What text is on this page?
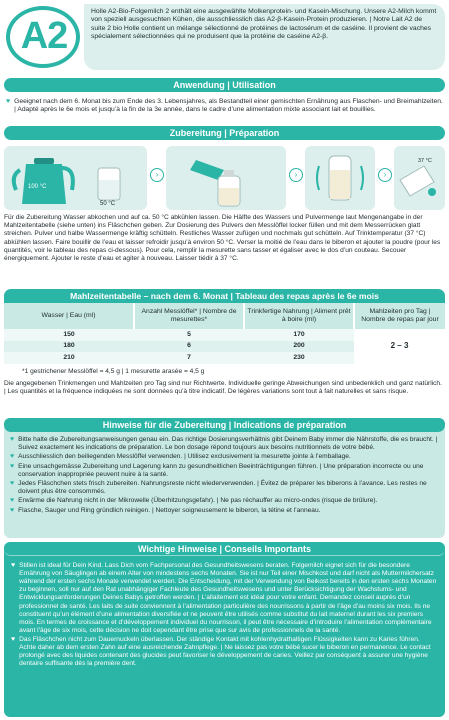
A2
Holle A2-Bio-Folgemilch 2 enthält eine ausgewählte Molkenprotein- und Kasein-Mischung. Unsere A2-Milch kommt von speziell ausgesuchten Kühen, die ausschliesslich das A2-β-Kasein-Protein produzieren. | Notre Lait A2 de suite 2 bio Holle contient un mélange sélectionné de protéines de lactosérum et de caséine. Il provient de vaches spécialement sélectionnées qui ne produisent que la protéine de caséine A2-β.
Anwendung | Utilisation
♥ Geeignet nach dem 6. Monat bis zum Ende des 3. Lebensjahres, als Bestandteil einer gemischten Ernährung aus Flaschen- und Breimahlzeiten. | Adapté après le 6e mois et jusqu’à la fin de la 3e année, dans le cadre d’une alimentation mixte associant lait et bouillies.
Zubereitung | Préparation
100 °C
50 °C
›	›	›
37 °C
Für die Zubereitung Wasser abkochen und auf ca. 50 °C abkühlen lassen. Die Hälfte des Wassers und Pulvermenge laut Mengenangabe in der Mahlzeitentabelle (siehe unten) ins Fläschchen geben. Zur Dosierung des Pulvers den Messlöffel locker füllen und mit dem Messerrücken glatt streichen. Pulver und halbe Wassermenge kräftig schütteln. Restliches Wasser zufügen und nochmals gut schütteln. Auf Trinktemperatur (37 °C) abkühlen lassen. Faire bouillir de l’eau et laisser refroidir jusqu’à environ 50 °C. Verser la moitié de l’eau dans le biberon et ajouter la poudre (pour les quantités, voir le tableau des repas ci-dessous). Pour cela, remplir la mesurette sans tasser et égaliser avec le dos d’un couteau. Secouer énergiquement. Ajouter le reste d’eau et agiter à nouveau. Laisser tiédir à 37 °C.
Mahlzeitentabelle – nach dem 6. Monat | Tableau des repas après le 6e mois
Wasser | Eau (ml)	Anzahl Messlöffel* | Nombre de mesurettes*	Trinkfertige Nahrung | Aliment prêt à boire (ml)	Mahlzeiten pro Tag | Nombre de repas par jour
150	5	170	2 – 3
180	6	200	
210	7	230	
*1 gestrichener Messlöffel = 4,5 g | 1 mesurette arasée = 4,5 g
Die angegebenen Trinkmengen und Mahlzeiten pro Tag sind nur Richtwerte. Individuelle geringe Abweichungen sind unbedenklich und ganz natürlich. | Les quantités et la fréquence indiquées ne sont données qu’à titre indicatif. De légères variations sont tout à fait naturelles et sans risque.
Hinweise für die Zubereitung | Indications de préparation
♥ Bitte halte die Zubereitungsanweisungen genau ein. Das richtige Dosierungsverhältnis gibt Deinem Baby immer die Nährstoffe, die es braucht. | Suivez exactement les indications de préparation. Le bon dosage répond toujours aux besoins nutritionnels de votre bébé.
♥ Ausschliesslich den beiliegenden Messlöffel verwenden. | Utilisez exclusivement la mesurette jointe à l’emballage.
♥ Eine unsachgemässe Zubereitung und Lagerung kann zu gesundheitlichen Beeinträchtigungen führen. | Une préparation incorrecte ou une conservation inappropriée peuvent nuire à la santé.
♥ Jedes Fläschchen stets frisch zubereiten. Nahrungsreste nicht wiederverwenden. | Évitez de préparer les biberons à l’avance. Les restes ne doivent plus être consommés.
♥ Erwärme die Nahrung nicht in der Mikrowelle (Überhitzungsgefahr). | Ne pas réchauffer au micro-ondes (risque de brûlure).
♥ Flasche, Sauger und Ring gründlich reinigen. | Nettoyer soigneusement le biberon, la tétine et l’anneau.
Wichtige Hinweise | Conseils Importants
♥ Stillen ist ideal für Dein Kind. Lass Dich vom Fachpersonal des Gesundheitswesens beraten. Folgemilch eignet sich für die besondere Ernährung von Säuglingen ab einem Alter von mindestens sechs Monaten. Sie ist nur Teil einer Mischkost und darf nicht als Muttermilchersatz während der ersten sechs Monate verwendet werden. Die Entscheidung, mit der Verwendung von Beikost bereits in den ersten sechs Monaten zu beginnen, soll nur auf den Rat unabhängiger Fachleute des Gesundheitswesens und unter Berücksichtigung der Wachstums- und Entwicklungsanforderungen Deines Babys getroffen werden. | L’allaitement est idéal pour votre enfant. Demandez conseil auprès d’un professionnel de santé. Les laits de suite conviennent à l’alimentation particulière des nourrissons à partir de l’âge d’au moins six mois. Ils ne constituent qu’un élément d’une alimentation diversifiée et ne peuvent être utilisés comme substitut du lait maternel durant les six premiers mois. En termes de croissance et d’développement individuel du nourrisson, il peut être nécessaire d’introduire l’alimentation complémentaire avant l’âge de six mois, cette décision ne doit cependant être prise que sur avis de professionnels de la santé.
♥ Das Fläschchen nicht zum Dauernuckeln überlassen. Der ständige Kontakt mit kohlenhydrathaltigen Flüssigkeiten kann zu Karies führen. Achte daher ab dem ersten Zahn auf eine ausreichende Zahnpflege. | Ne laissez pas votre bébé sucer le biberon en permanence. Le contact prolongé avec des liquides contenant des glucides peut favoriser le développement de caries. Veillez par conséquent à assurer une hygiène dentaire suffisante dès la première dent.
